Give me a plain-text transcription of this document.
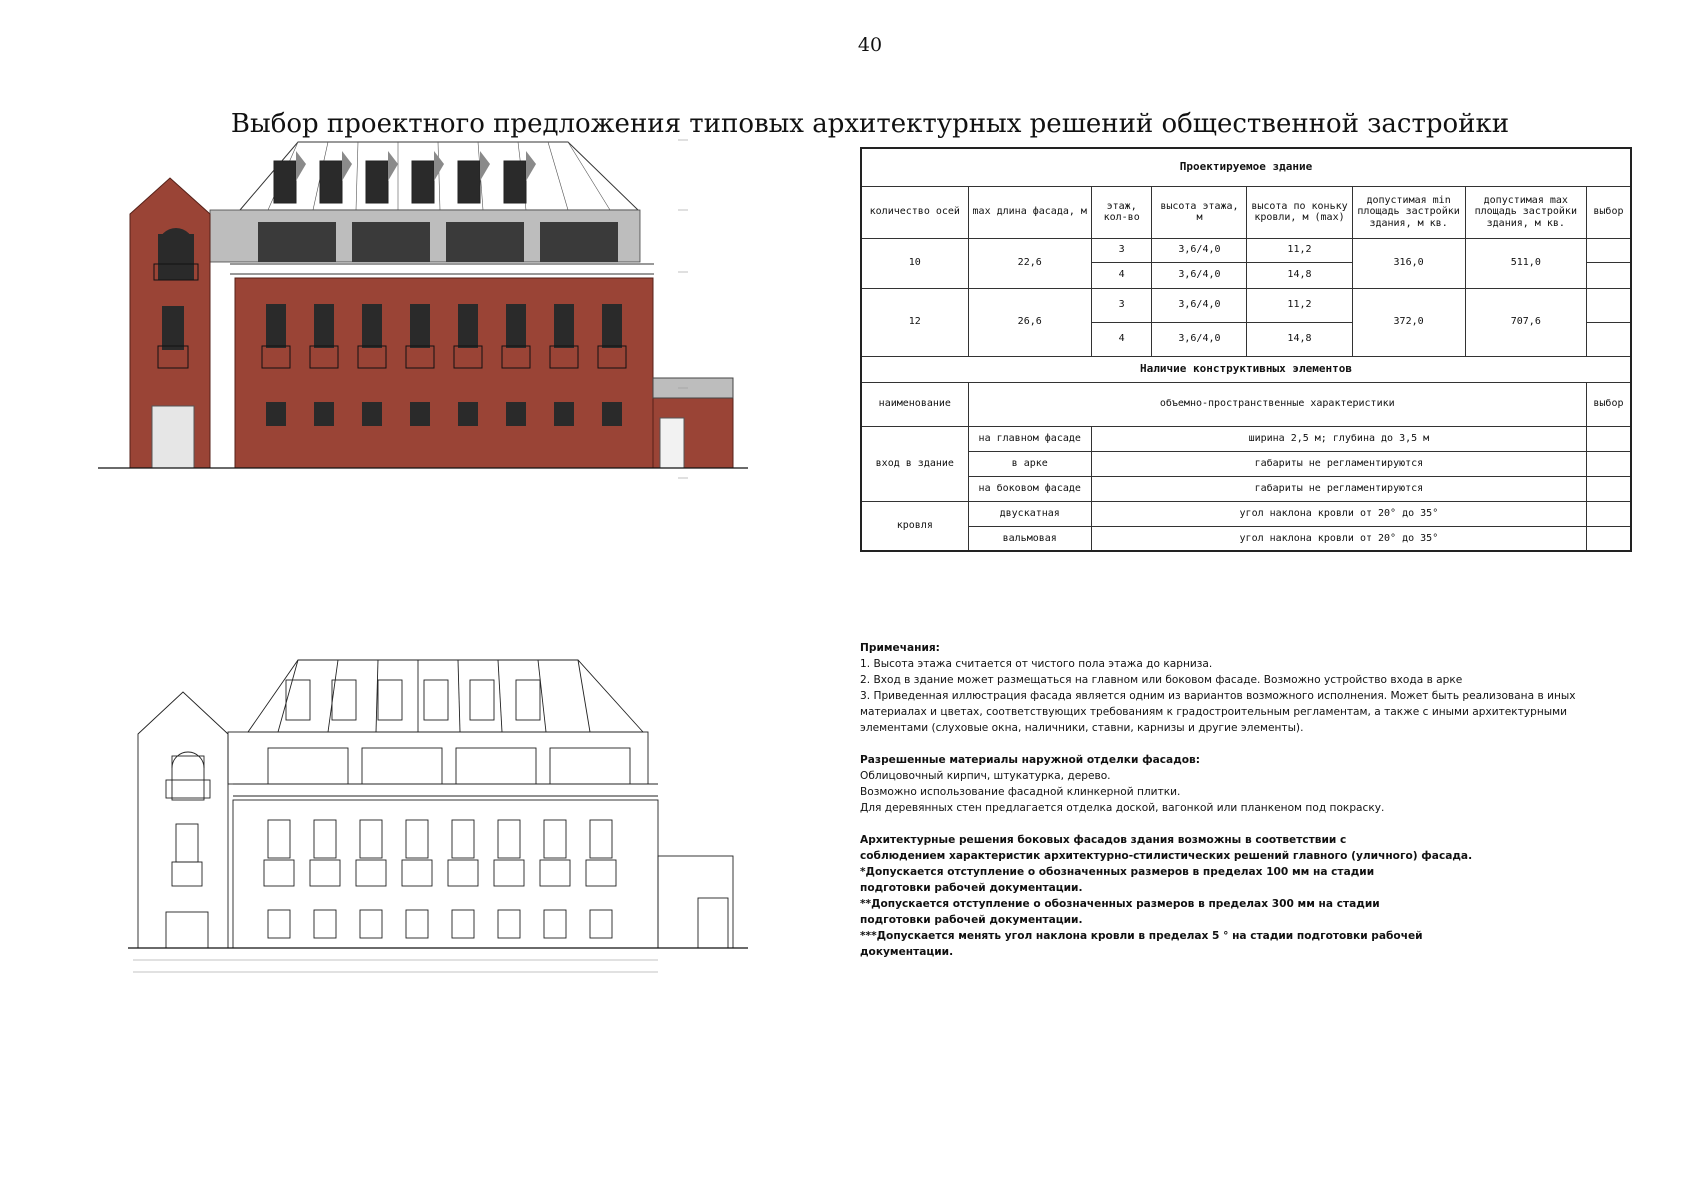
40
Выбор проектного предложения типовых архитектурных решений общественной застройки
Проектируемое здание							
количество осей	max длина фасада, м	этаж, кол-во	высота этажа, м	высота по коньку кровли, м (max)	допустимая min площадь застройки здания, м кв.	допустимая max площадь застройки здания, м кв.	выбор
10	22,6	3	3,6/4,0	11,2	316,0	511,0	
		4	3,6/4,0	14,8			
12	26,6	3	3,6/4,0	11,2	372,0	707,6	
		4	3,6/4,0	14,8			
Наличие конструктивных элементов							
наименование	объемно-пространственные характеристики						выбор
вход в здание	на главном фасаде	ширина 2,5 м; глубина до 3,5 м					
	в арке	габариты не регламентируются					
	на боковом фасаде	габариты не регламентируются					
кровля	двускатная	угол наклона кровли от 20° до 35°					
	вальмовая	угол наклона кровли от 20° до 35°					
Примечания:
1. Высота этажа считается от чистого пола этажа до карниза.
2. Вход в здание может размещаться на главном или боковом фасаде. Возможно устройство входа в арке
3. Приведенная иллюстрация фасада является одним из вариантов возможного исполнения. Может быть реализована в иных
материалах и цветах, соответствующих требованиям к градостроительным регламентам, а также с иными архитектурными
элементами (слуховые окна, наличники, ставни, карнизы и другие элементы).
Разрешенные материалы наружной отделки фасадов:
Облицовочный кирпич, штукатурка, дерево.
Возможно использование фасадной клинкерной плитки.
Для деревянных стен предлагается отделка доской, вагонкой или планкеном под покраску.
Архитектурные решения боковых фасадов здания возможны в соответствии с
соблюдением характеристик архитектурно-стилистических решений главного (уличного) фасада.
*Допускается отступление о обозначенных размеров в пределах 100 мм на стадии
подготовки рабочей документации.
**Допускается отступление о обозначенных размеров в пределах 300 мм на стадии
подготовки рабочей документации.
***Допускается менять угол наклона кровли в пределах 5 ° на стадии подготовки рабочей
документации.
